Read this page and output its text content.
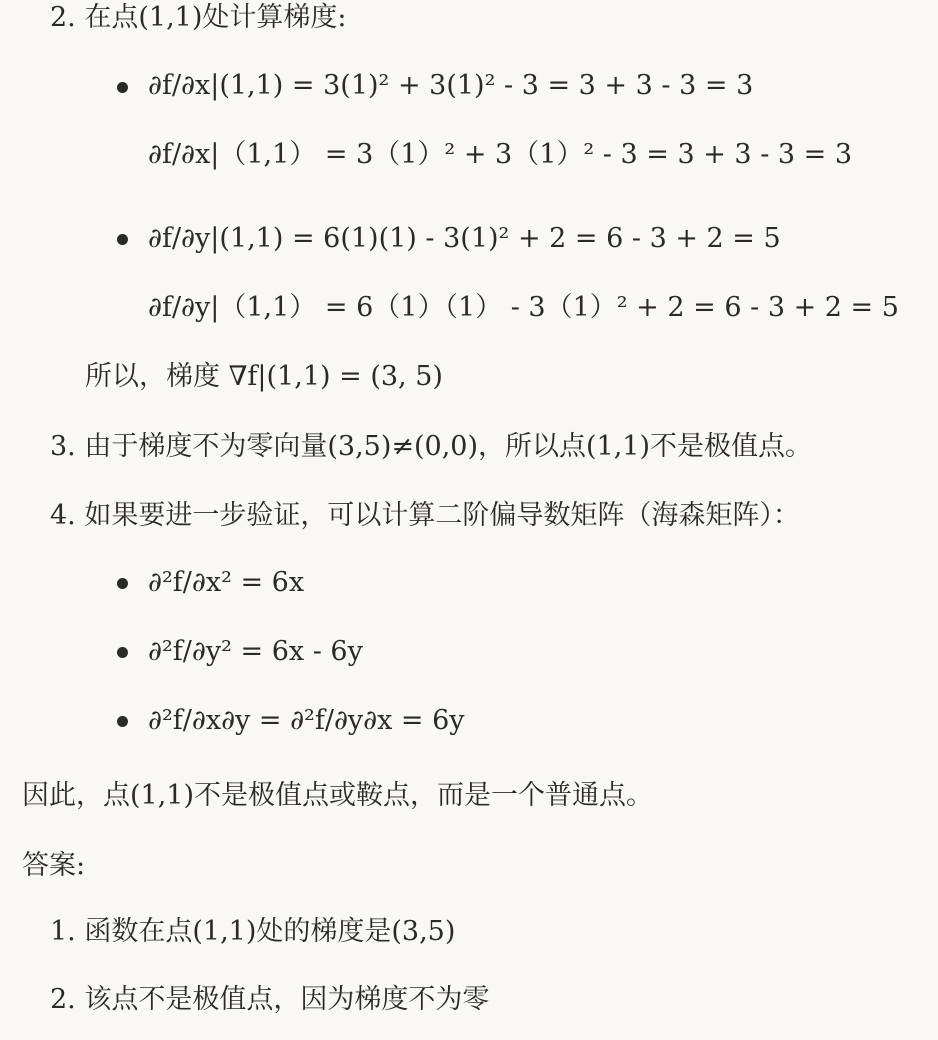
2. 在点(1,1)处计算梯度:
∂f/∂x|(1,1) = 3(1)² + 3(1)² - 3 = 3 + 3 - 3 = 3
∂f/∂x|（1,1） = 3（1）² + 3（1）² - 3 = 3 + 3 - 3 = 3
∂f/∂y|(1,1) = 6(1)(1) - 3(1)² + 2 = 6 - 3 + 2 = 5
∂f/∂y|（1,1） = 6（1）（1） - 3（1）² + 2 = 6 - 3 + 2 = 5
所以，梯度 ∇f|(1,1) = (3, 5)
3. 由于梯度不为零向量(3,5)≠(0,0)，所以点(1,1)不是极值点。
4. 如果要进一步验证，可以计算二阶偏导数矩阵（海森矩阵）：
∂²f/∂x² = 6x
∂²f/∂y² = 6x - 6y
∂²f/∂x∂y = ∂²f/∂y∂x = 6y
因此，点(1,1)不是极值点或鞍点，而是一个普通点。
答案:
1. 函数在点(1,1)处的梯度是(3,5)
2. 该点不是极值点，因为梯度不为零
